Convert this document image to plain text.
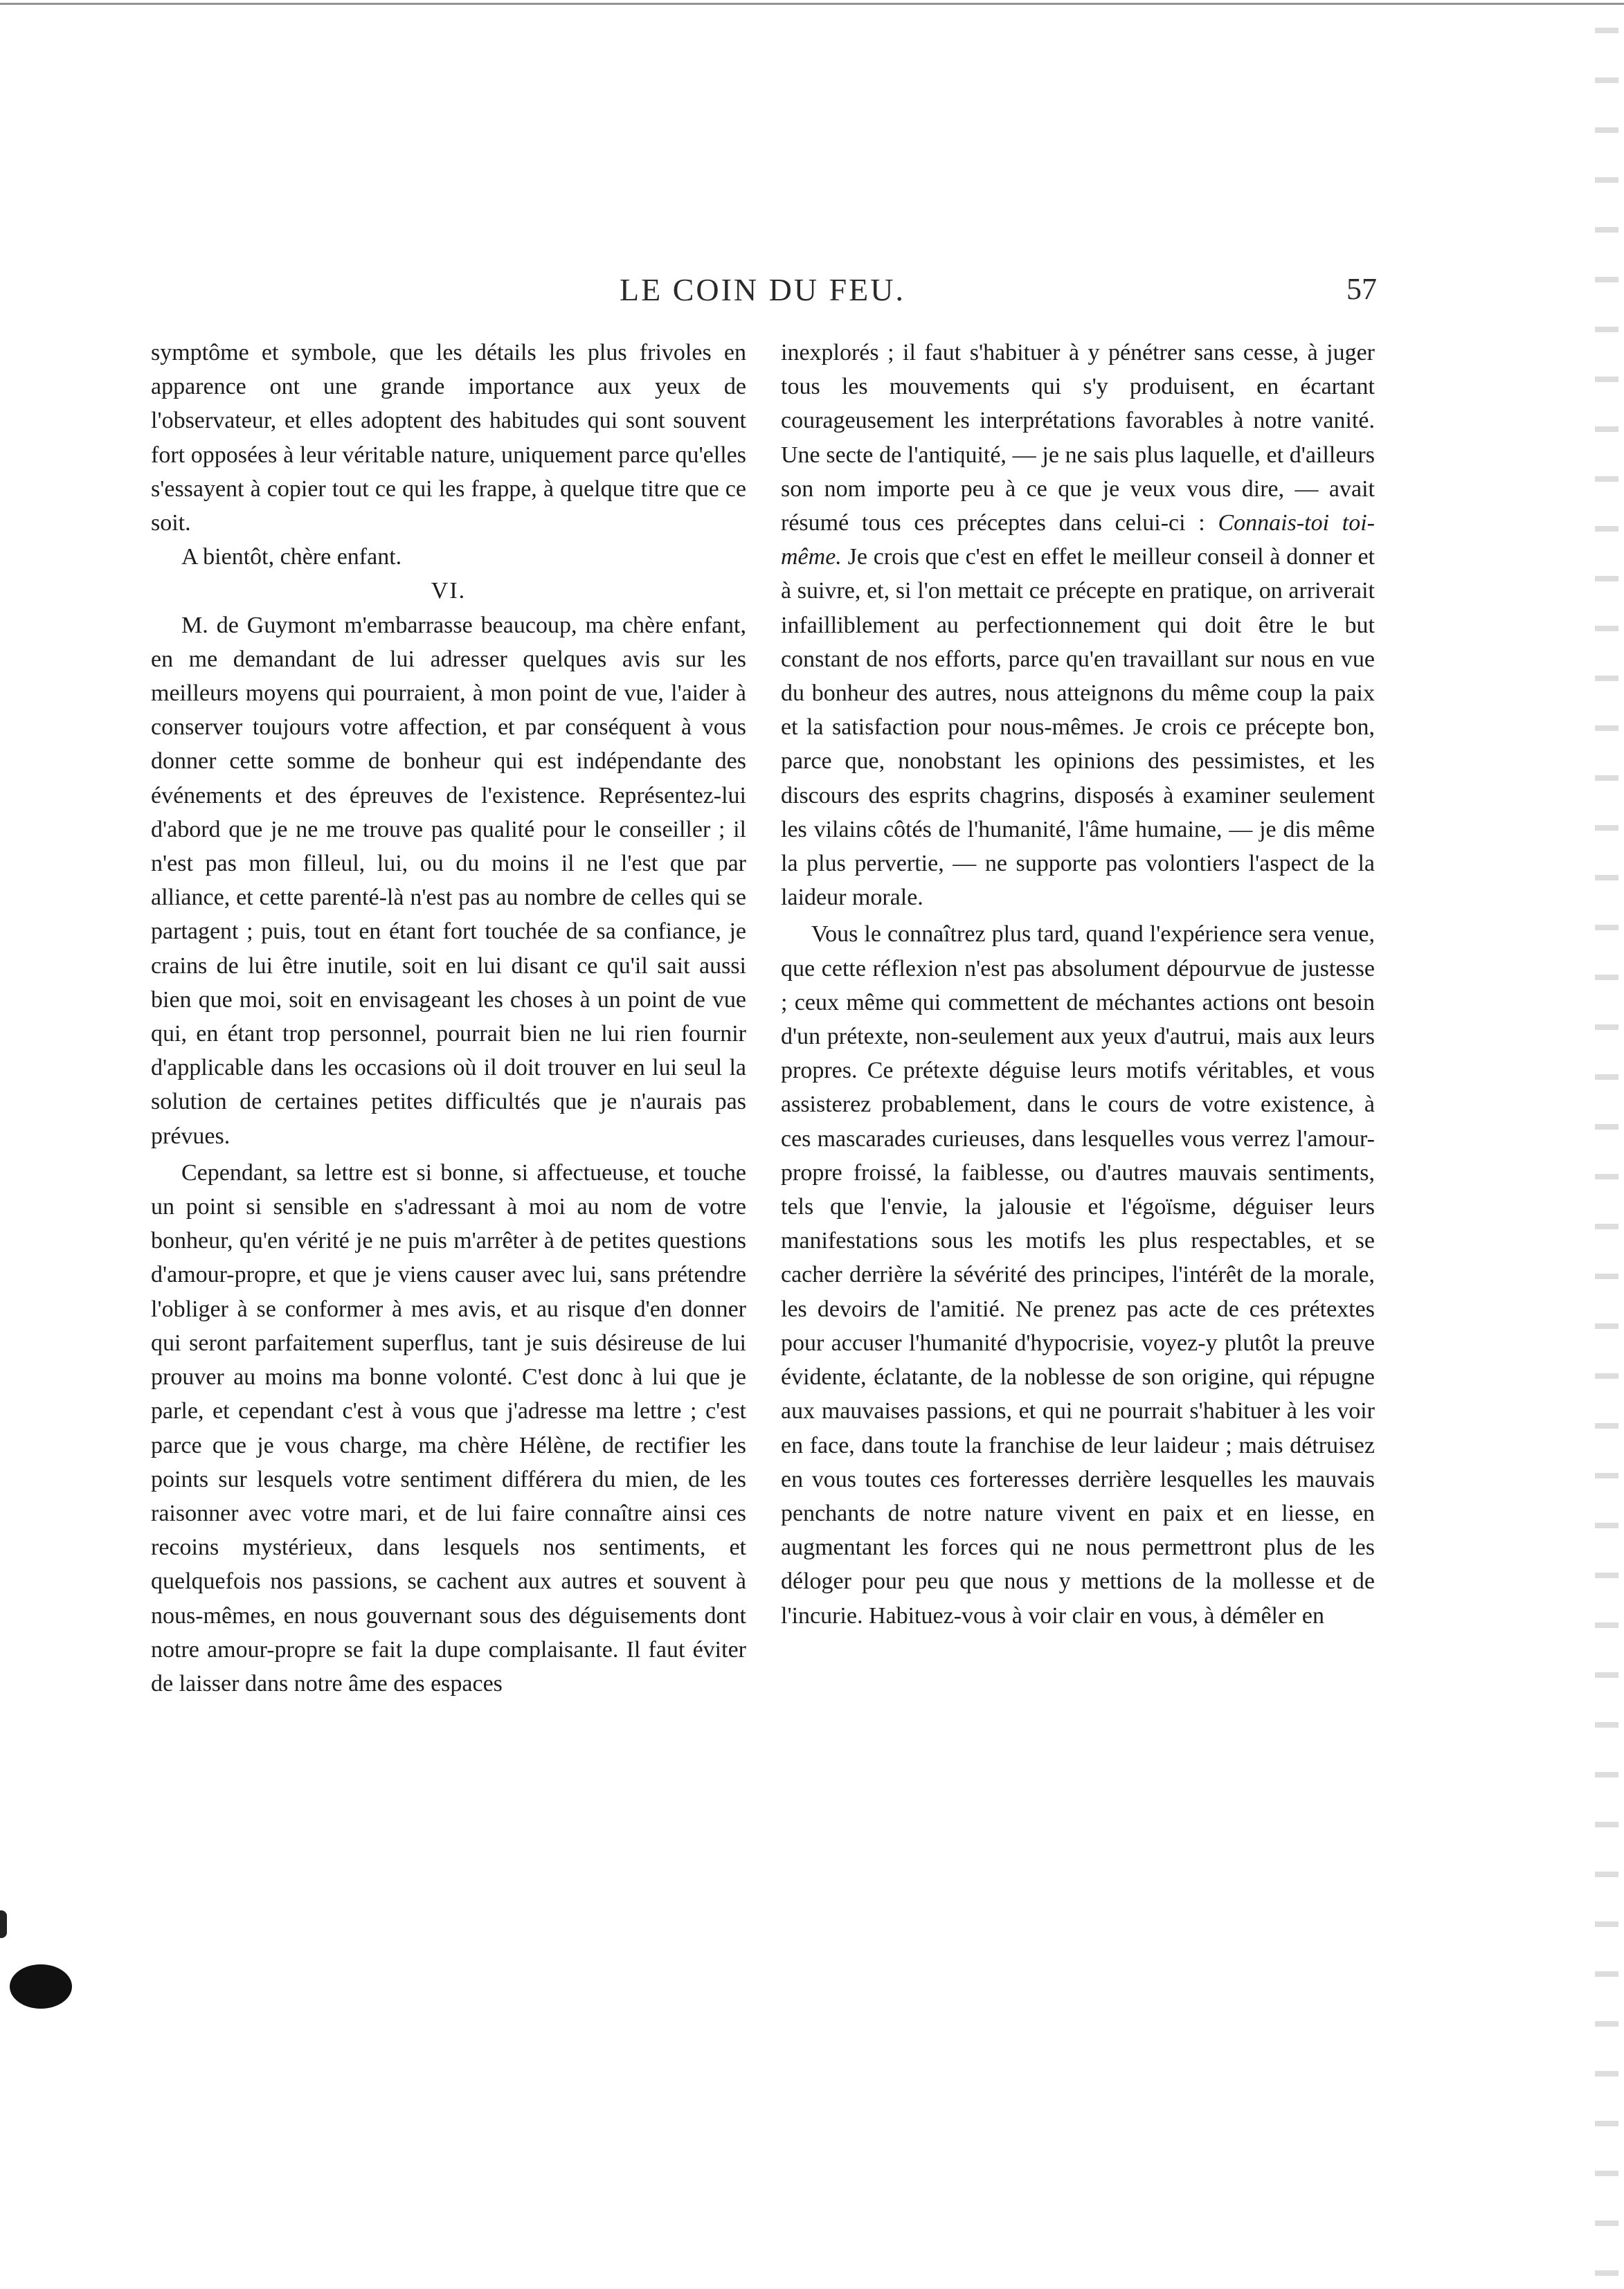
LE COIN DU FEU.	57

symptôme et symbole, que les détails les plus frivoles en apparence ont une grande importance aux yeux de l'observateur, et elles adoptent des habitudes qui sont souvent fort opposées à leur véritable nature, uniquement parce qu'elles s'essayent à copier tout ce qui les frappe, à quelque titre que ce soit.

A bientôt, chère enfant.

VI.

M. de Guymont m'embarrasse beaucoup, ma chère enfant, en me demandant de lui adresser quelques avis sur les meilleurs moyens qui pourraient, à mon point de vue, l'aider à conserver toujours votre affection, et par conséquent à vous donner cette somme de bonheur qui est indépendante des événements et des épreuves de l'existence. Représentez-lui d'abord que je ne me trouve pas qualité pour le conseiller ; il n'est pas mon filleul, lui, ou du moins il ne l'est que par alliance, et cette parenté-là n'est pas au nombre de celles qui se partagent ; puis, tout en étant fort touchée de sa confiance, je crains de lui être inutile, soit en lui disant ce qu'il sait aussi bien que moi, soit en envisageant les choses à un point de vue qui, en étant trop personnel, pourrait bien ne lui rien fournir d'applicable dans les occasions où il doit trouver en lui seul la solution de certaines petites difficultés que je n'aurais pas prévues.

Cependant, sa lettre est si bonne, si affectueuse, et touche un point si sensible en s'adressant à moi au nom de votre bonheur, qu'en vérité je ne puis m'arrêter à de petites questions d'amour-propre, et que je viens causer avec lui, sans prétendre l'obliger à se conformer à mes avis, et au risque d'en donner qui seront parfaitement superflus, tant je suis désireuse de lui prouver au moins ma bonne volonté. C'est donc à lui que je parle, et cependant c'est à vous que j'adresse ma lettre ; c'est parce que je vous charge, ma chère Hélène, de rectifier les points sur lesquels votre sentiment différera du mien, de les raisonner avec votre mari, et de lui faire connaître ainsi ces recoins mystérieux, dans lesquels nos sentiments, et quelquefois nos passions, se cachent aux autres et souvent à nous-mêmes, en nous gouvernant sous des déguisements dont notre amour-propre se fait la dupe complaisante. Il faut éviter de laisser dans notre âme des espaces

inexplorés ; il faut s'habituer à y pénétrer sans cesse, à juger tous les mouvements qui s'y produisent, en écartant courageusement les interprétations favorables à notre vanité. Une secte de l'antiquité, — je ne sais plus laquelle, et d'ailleurs son nom importe peu à ce que je veux vous dire, — avait résumé tous ces préceptes dans celui-ci : Connais-toi toi-même. Je crois que c'est en effet le meilleur conseil à donner et à suivre, et, si l'on mettait ce précepte en pratique, on arriverait infailliblement au perfectionnement qui doit être le but constant de nos efforts, parce qu'en travaillant sur nous en vue du bonheur des autres, nous atteignons du même coup la paix et la satisfaction pour nous-mêmes. Je crois ce précepte bon, parce que, nonobstant les opinions des pessimistes, et les discours des esprits chagrins, disposés à examiner seulement les vilains côtés de l'humanité, l'âme humaine, — je dis même la plus pervertie, — ne supporte pas volontiers l'aspect de la laideur morale.

Vous le connaîtrez plus tard, quand l'expérience sera venue, que cette réflexion n'est pas absolument dépourvue de justesse ; ceux même qui commettent de méchantes actions ont besoin d'un prétexte, non-seulement aux yeux d'autrui, mais aux leurs propres. Ce prétexte déguise leurs motifs véritables, et vous assisterez probablement, dans le cours de votre existence, à ces mascarades curieuses, dans lesquelles vous verrez l'amour-propre froissé, la faiblesse, ou d'autres mauvais sentiments, tels que l'envie, la jalousie et l'égoïsme, déguiser leurs manifestations sous les motifs les plus respectables, et se cacher derrière la sévérité des principes, l'intérêt de la morale, les devoirs de l'amitié. Ne prenez pas acte de ces prétextes pour accuser l'humanité d'hypocrisie, voyez-y plutôt la preuve évidente, éclatante, de la noblesse de son origine, qui répugne aux mauvaises passions, et qui ne pourrait s'habituer à les voir en face, dans toute la franchise de leur laideur ; mais détruisez en vous toutes ces forteresses derrière lesquelles les mauvais penchants de notre nature vivent en paix et en liesse, en augmentant les forces qui ne nous permettront plus de les déloger pour peu que nous y mettions de la mollesse et de l'incurie. Habituez-vous à voir clair en vous, à démêler en
